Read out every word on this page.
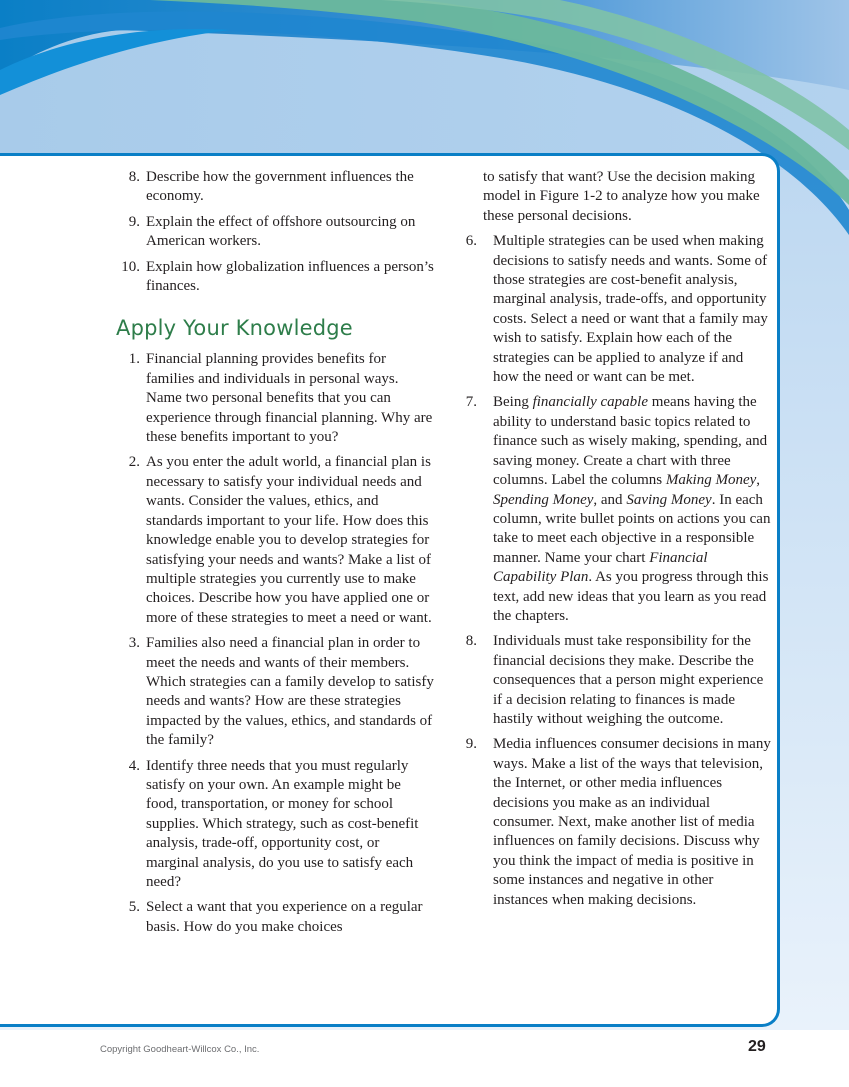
8. Describe how the government influences the economy.
9. Explain the effect of offshore outsourcing on American workers.
10. Explain how globalization influences a person’s finances.
Apply Your Knowledge
1. Financial planning provides benefits for families and individuals in personal ways. Name two personal benefits that you can experience through financial planning. Why are these benefits important to you?
2. As you enter the adult world, a financial plan is necessary to satisfy your individual needs and wants. Consider the values, ethics, and standards important to your life. How does this knowledge enable you to develop strategies for satisfying your needs and wants? Make a list of multiple strategies you currently use to make choices. Describe how you have applied one or more of these strategies to meet a need or want.
3. Families also need a financial plan in order to meet the needs and wants of their members. Which strategies can a family develop to satisfy needs and wants? How are these strategies impacted by the values, ethics, and standards of the family?
4. Identify three needs that you must regularly satisfy on your own. An example might be food, transportation, or money for school supplies. Which strategy, such as cost-benefit analysis, trade-off, opportunity cost, or marginal analysis, do you use to satisfy each need?
5. Select a want that you experience on a regular basis. How do you make choices
to satisfy that want? Use the decision making model in Figure 1-2 to analyze how you make these personal decisions.
6. Multiple strategies can be used when making decisions to satisfy needs and wants. Some of those strategies are cost-benefit analysis, marginal analysis, trade-offs, and opportunity costs. Select a need or want that a family may wish to satisfy. Explain how each of the strategies can be applied to analyze if and how the need or want can be met.
7. Being financially capable means having the ability to understand basic topics related to finance such as wisely making, spending, and saving money. Create a chart with three columns. Label the columns Making Money, Spending Money, and Saving Money. In each column, write bullet points on actions you can take to meet each objective in a responsible manner. Name your chart Financial Capability Plan. As you progress through this text, add new ideas that you learn as you read the chapters.
8. Individuals must take responsibility for the financial decisions they make. Describe the consequences that a person might experience if a decision relating to finances is made hastily without weighing the outcome.
9. Media influences consumer decisions in many ways. Make a list of the ways that television, the Internet, or other media influences decisions you make as an individual consumer. Next, make another list of media influences on family decisions. Discuss why you think the impact of media is positive in some instances and negative in other instances when making decisions.
Copyright Goodheart-Willcox Co., Inc.	29
